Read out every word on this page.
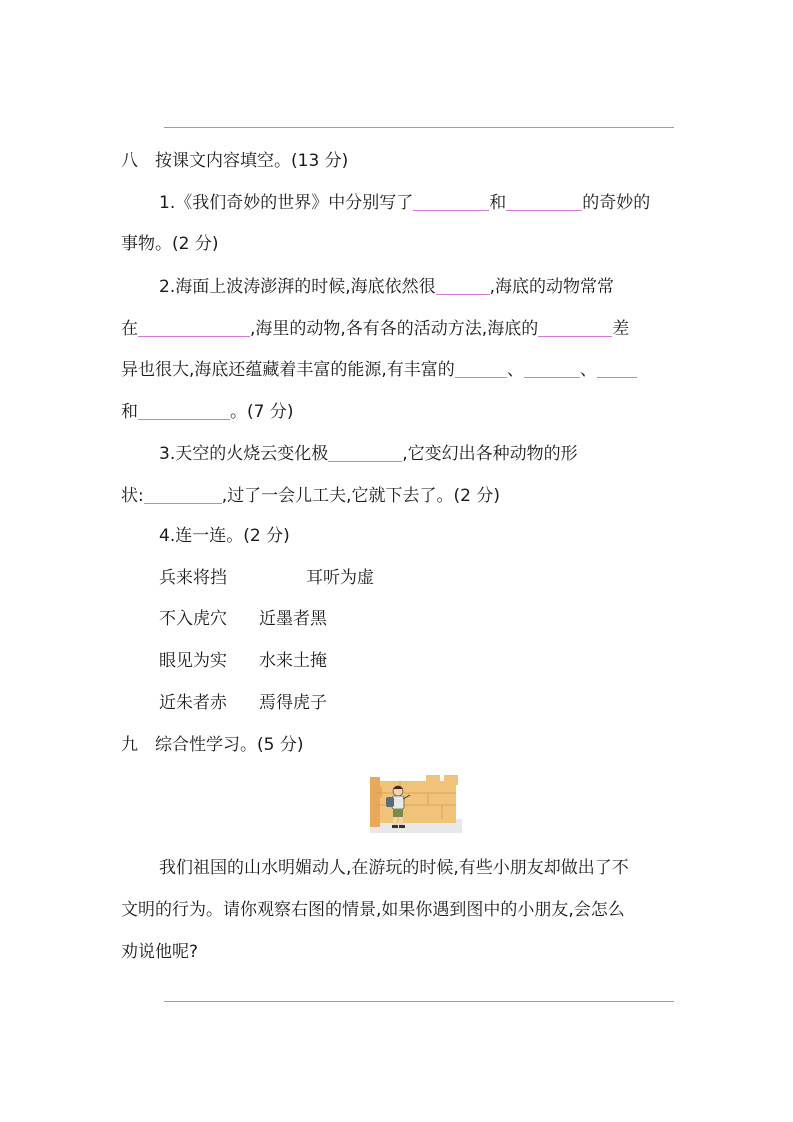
八 按课文内容填空。(13 分)
1.《我们奇妙的世界》中分别写了	和	的奇妙的
事物。(2 分)
2.海面上波涛澎湃的时候,海底依然很	,海底的动物常常
在	,海里的动物,各有各的活动方法,海底的	差
异也很大,海底还蕴藏着丰富的能源,有丰富的	、	、
和	。(7 分)
3.天空的火烧云变化极	,它变幻出各种动物的形
状:	,过了一会儿工夫,它就下去了。(2 分)
4.连一连。(2 分)
兵来将挡	耳听为虚
不入虎穴 近墨者黑
眼见为实 水来土掩
近朱者赤 焉得虎子
九 综合性学习。(5 分)
我们祖国的山水明媚动人,在游玩的时候,有些小朋友却做出了不
文明的行为。请你观察右图的情景,如果你遇到图中的小朋友,会怎么
劝说他呢?
